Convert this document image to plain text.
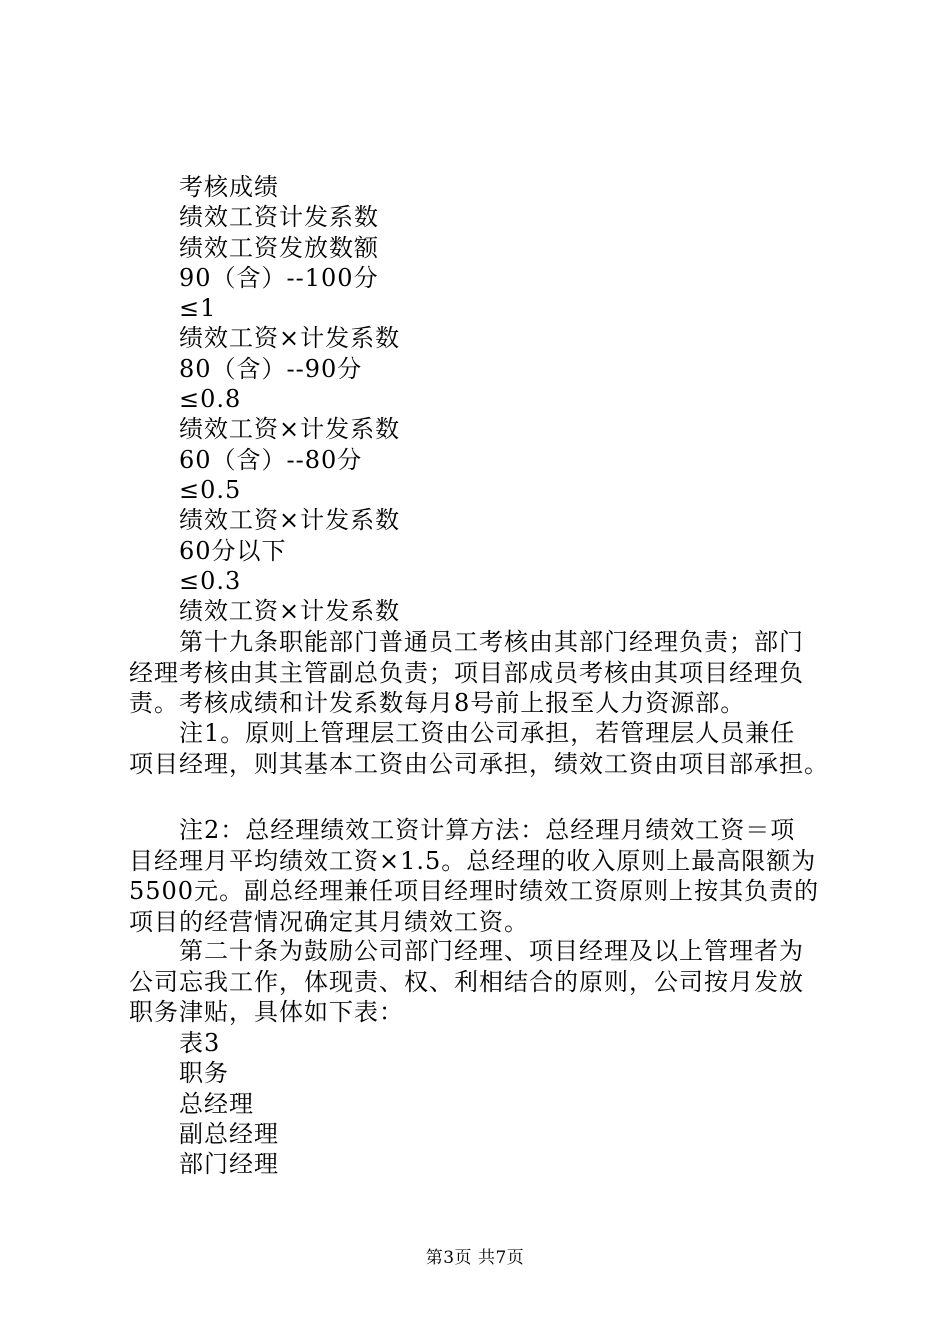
考核成绩
绩效工资计发系数
绩效工资发放数额
90（含）--100分
≤1
绩效工资×计发系数
80（含）--90分
≤0.8
绩效工资×计发系数
60（含）--80分
≤0.5
绩效工资×计发系数
60分以下
≤0.3
绩效工资×计发系数
第十九条职能部门普通员工考核由其部门经理负责；部门
经理考核由其主管副总负责；项目部成员考核由其项目经理负
责。考核成绩和计发系数每月8号前上报至人力资源部。
注1。原则上管理层工资由公司承担，若管理层人员兼任
项目经理，则其基本工资由公司承担，绩效工资由项目部承担。
注2：总经理绩效工资计算方法：总经理月绩效工资＝项
目经理月平均绩效工资×1.5。总经理的收入原则上最高限额为
5500元。副总经理兼任项目经理时绩效工资原则上按其负责的
项目的经营情况确定其月绩效工资。
第二十条为鼓励公司部门经理、项目经理及以上管理者为
公司忘我工作，体现责、权、利相结合的原则，公司按月发放
职务津贴，具体如下表：
表3
职务
总经理
副总经理
部门经理
第3页 共7页
